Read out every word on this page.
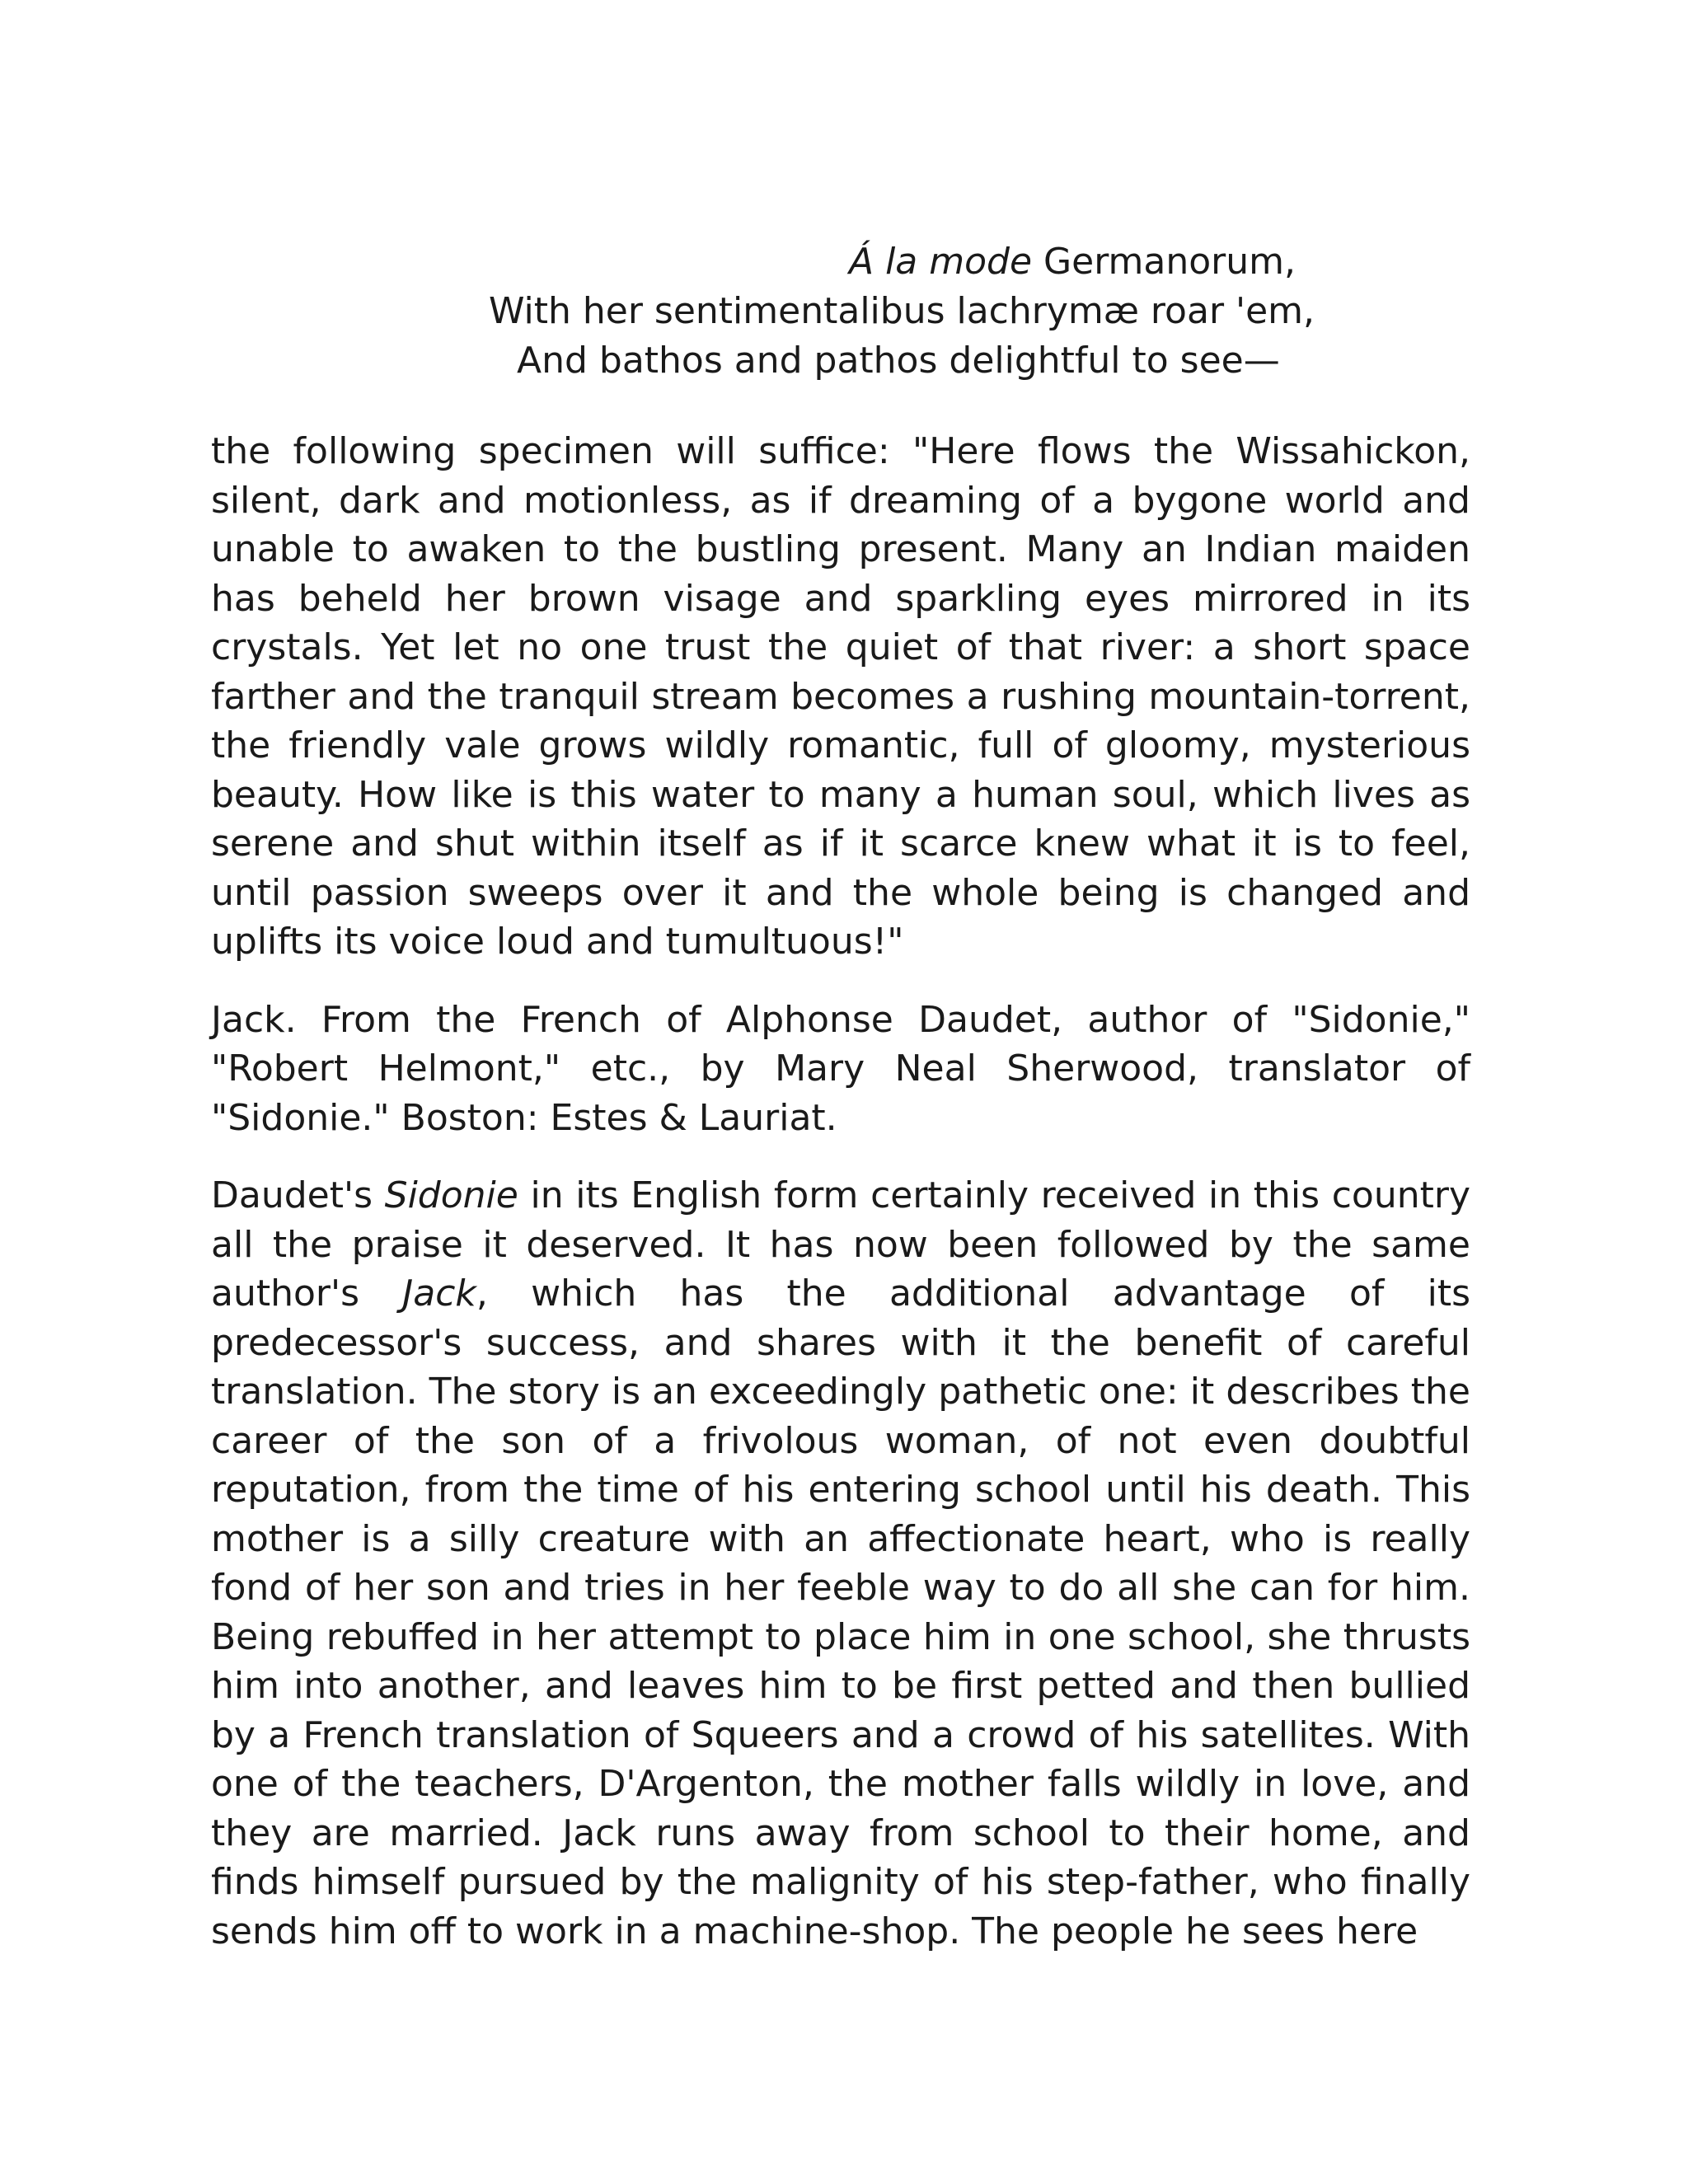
Á la mode Germanorum,
With her sentimentalibus lachrymæ roar 'em,
And bathos and pathos delightful to see—

the following specimen will suffice: "Here flows the Wissahickon, silent, dark and motionless, as if dreaming of a bygone world and unable to awaken to the bustling present. Many an Indian maiden has beheld her brown visage and sparkling eyes mirrored in its crystals. Yet let no one trust the quiet of that river: a short space farther and the tranquil stream becomes a rushing mountain-torrent, the friendly vale grows wildly romantic, full of gloomy, mysterious beauty. How like is this water to many a human soul, which lives as serene and shut within itself as if it scarce knew what it is to feel, until passion sweeps over it and the whole being is changed and uplifts its voice loud and tumultuous!"

Jack. From the French of Alphonse Daudet, author of "Sidonie," "Robert Helmont," etc., by Mary Neal Sherwood, translator of "Sidonie." Boston: Estes & Lauriat.

Daudet's Sidonie in its English form certainly received in this country all the praise it deserved. It has now been followed by the same author's Jack, which has the additional advantage of its predecessor's success, and shares with it the benefit of careful translation. The story is an exceedingly pathetic one: it describes the career of the son of a frivolous woman, of not even doubtful reputation, from the time of his entering school until his death. This mother is a silly creature with an affectionate heart, who is really fond of her son and tries in her feeble way to do all she can for him. Being rebuffed in her attempt to place him in one school, she thrusts him into another, and leaves him to be first petted and then bullied by a French translation of Squeers and a crowd of his satellites. With one of the teachers, D'Argenton, the mother falls wildly in love, and they are married. Jack runs away from school to their home, and finds himself pursued by the malignity of his step-father, who finally sends him off to work in a machine-shop. The people he sees here
